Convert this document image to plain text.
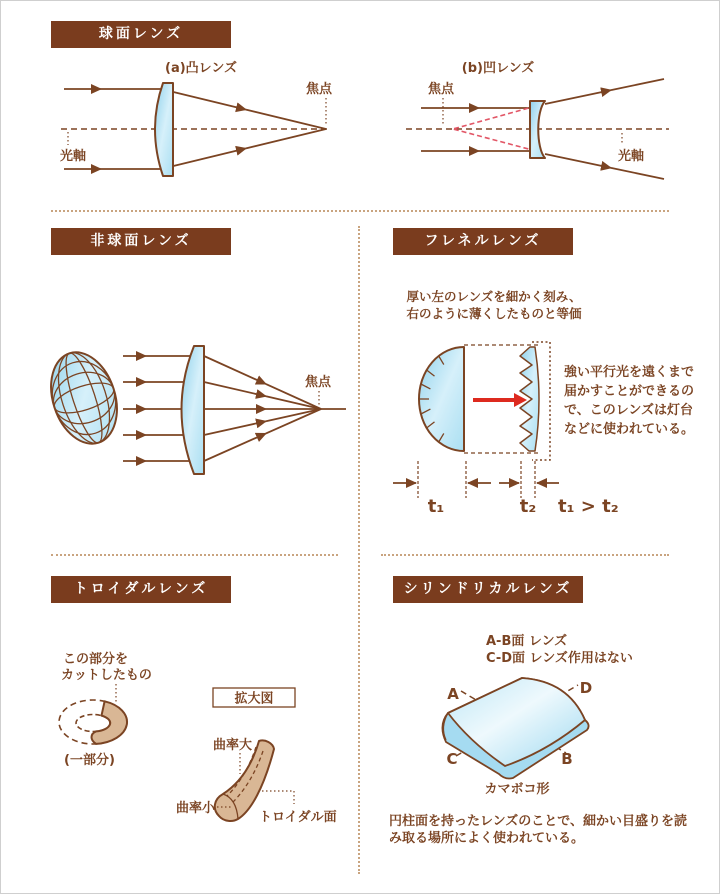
球面レンズ
非球面レンズ	フレネルレンズ
トロイダルレンズ	シリンドリカルレンズ
(a)凸レンズ
焦点
光軸
(b)凹レンズ
焦点
光軸
焦点
厚い左のレンズを細かく刻み、
右のように薄くしたものと等価
強い平行光を遠くまで
届かすことができるの
で、このレンズは灯台
などに使われている。
t₁	t₂ t₁ > t₂
この部分を
カットしたもの
(一部分)
拡大図
曲率大
曲率小
トロイダル面
A-B面 レンズ
C-D面 レンズ作用はない
A	D
C	B
カマボコ形
円柱面を持ったレンズのことで、細かい目盛りを読
み取る場所によく使われている。
